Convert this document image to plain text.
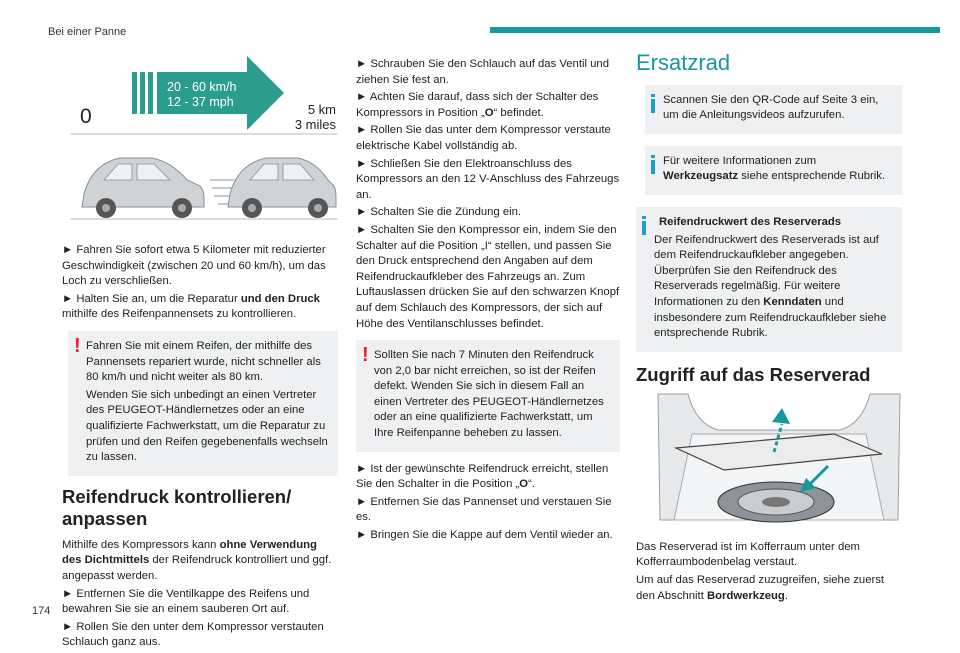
Bei einer Panne
20 - 60 km/h
12 - 37 mph
0	5 km
3 miles

► Fahren Sie sofort etwa 5 Kilometer mit reduzierter Geschwindigkeit (zwischen 20 und 60 km/h), um das Loch zu verschließen.

► Halten Sie an, um die Reparatur und den Druck mithilfe des Reifenpannensets zu kontrollieren.

! Fahren Sie mit einem Reifen, der mithilfe des Pannensets repariert wurde, nicht schneller als 80 km/h und nicht weiter als 80 km.

Wenden Sie sich unbedingt an einen Vertreter des PEUGEOT-Händlernetzes oder an eine qualifizierte Fachwerkstatt, um die Reparatur zu prüfen und den Reifen gegebenenfalls wechseln zu lassen.

Reifendruck kontrollieren/ anpassen

Mithilfe des Kompressors kann ohne Verwendung des Dichtmittels der Reifendruck kontrolliert und ggf. angepasst werden.

► Entfernen Sie die Ventilkappe des Reifens und bewahren Sie sie an einem sauberen Ort auf.

► Rollen Sie den unter dem Kompressor verstauten Schlauch ganz aus.

► Schrauben Sie den Schlauch auf das Ventil und ziehen Sie fest an.

► Achten Sie darauf, dass sich der Schalter des Kompressors in Position „O“ befindet.

► Rollen Sie das unter dem Kompressor verstaute elektrische Kabel vollständig ab.

► Schließen Sie den Elektroanschluss des Kompressors an den 12 V-Anschluss des Fahrzeugs an.

► Schalten Sie die Zündung ein.

► Schalten Sie den Kompressor ein, indem Sie den Schalter auf die Position „I“ stellen, und passen Sie den Druck entsprechend den Angaben auf dem Reifendruckaufkleber des Fahrzeugs an. Zum Luftauslassen drücken Sie auf den schwarzen Knopf auf dem Schlauch des Kompressors, der sich auf Höhe des Ventilanschlusses befindet.

! Sollten Sie nach 7 Minuten den Reifendruck von 2,0 bar nicht erreichen, so ist der Reifen defekt. Wenden Sie sich in diesem Fall an einen Vertreter des PEUGEOT-Händlernetzes oder an eine qualifizierte Fachwerkstatt, um Ihre Reifenpanne beheben zu lassen.

► Ist der gewünschte Reifendruck erreicht, stellen Sie den Schalter in die Position „O“.

► Entfernen Sie das Pannenset und verstauen Sie es.

► Bringen Sie die Kappe auf dem Ventil wieder an.

Ersatzrad

Scannen Sie den QR-Code auf Seite 3 ein, um die Anleitungsvideos aufzurufen.

Für weitere Informationen zum Werkzeugsatz siehe entsprechende Rubrik.

Reifendruckwert des Reserverads

Der Reifendruckwert des Reserverads ist auf dem Reifendruckaufkleber angegeben. Überprüfen Sie den Reifendruck des Reserverads regelmäßig. Für weitere Informationen zu den Kenndaten und insbesondere zum Reifendruckaufkleber siehe entsprechende Rubrik.

Zugriff auf das Reserverad

Das Reserverad ist im Kofferraum unter dem Kofferraumbodenbelag verstaut.

Um auf das Reserverad zuzugreifen, siehe zuerst den Abschnitt Bordwerkzeug.

174
